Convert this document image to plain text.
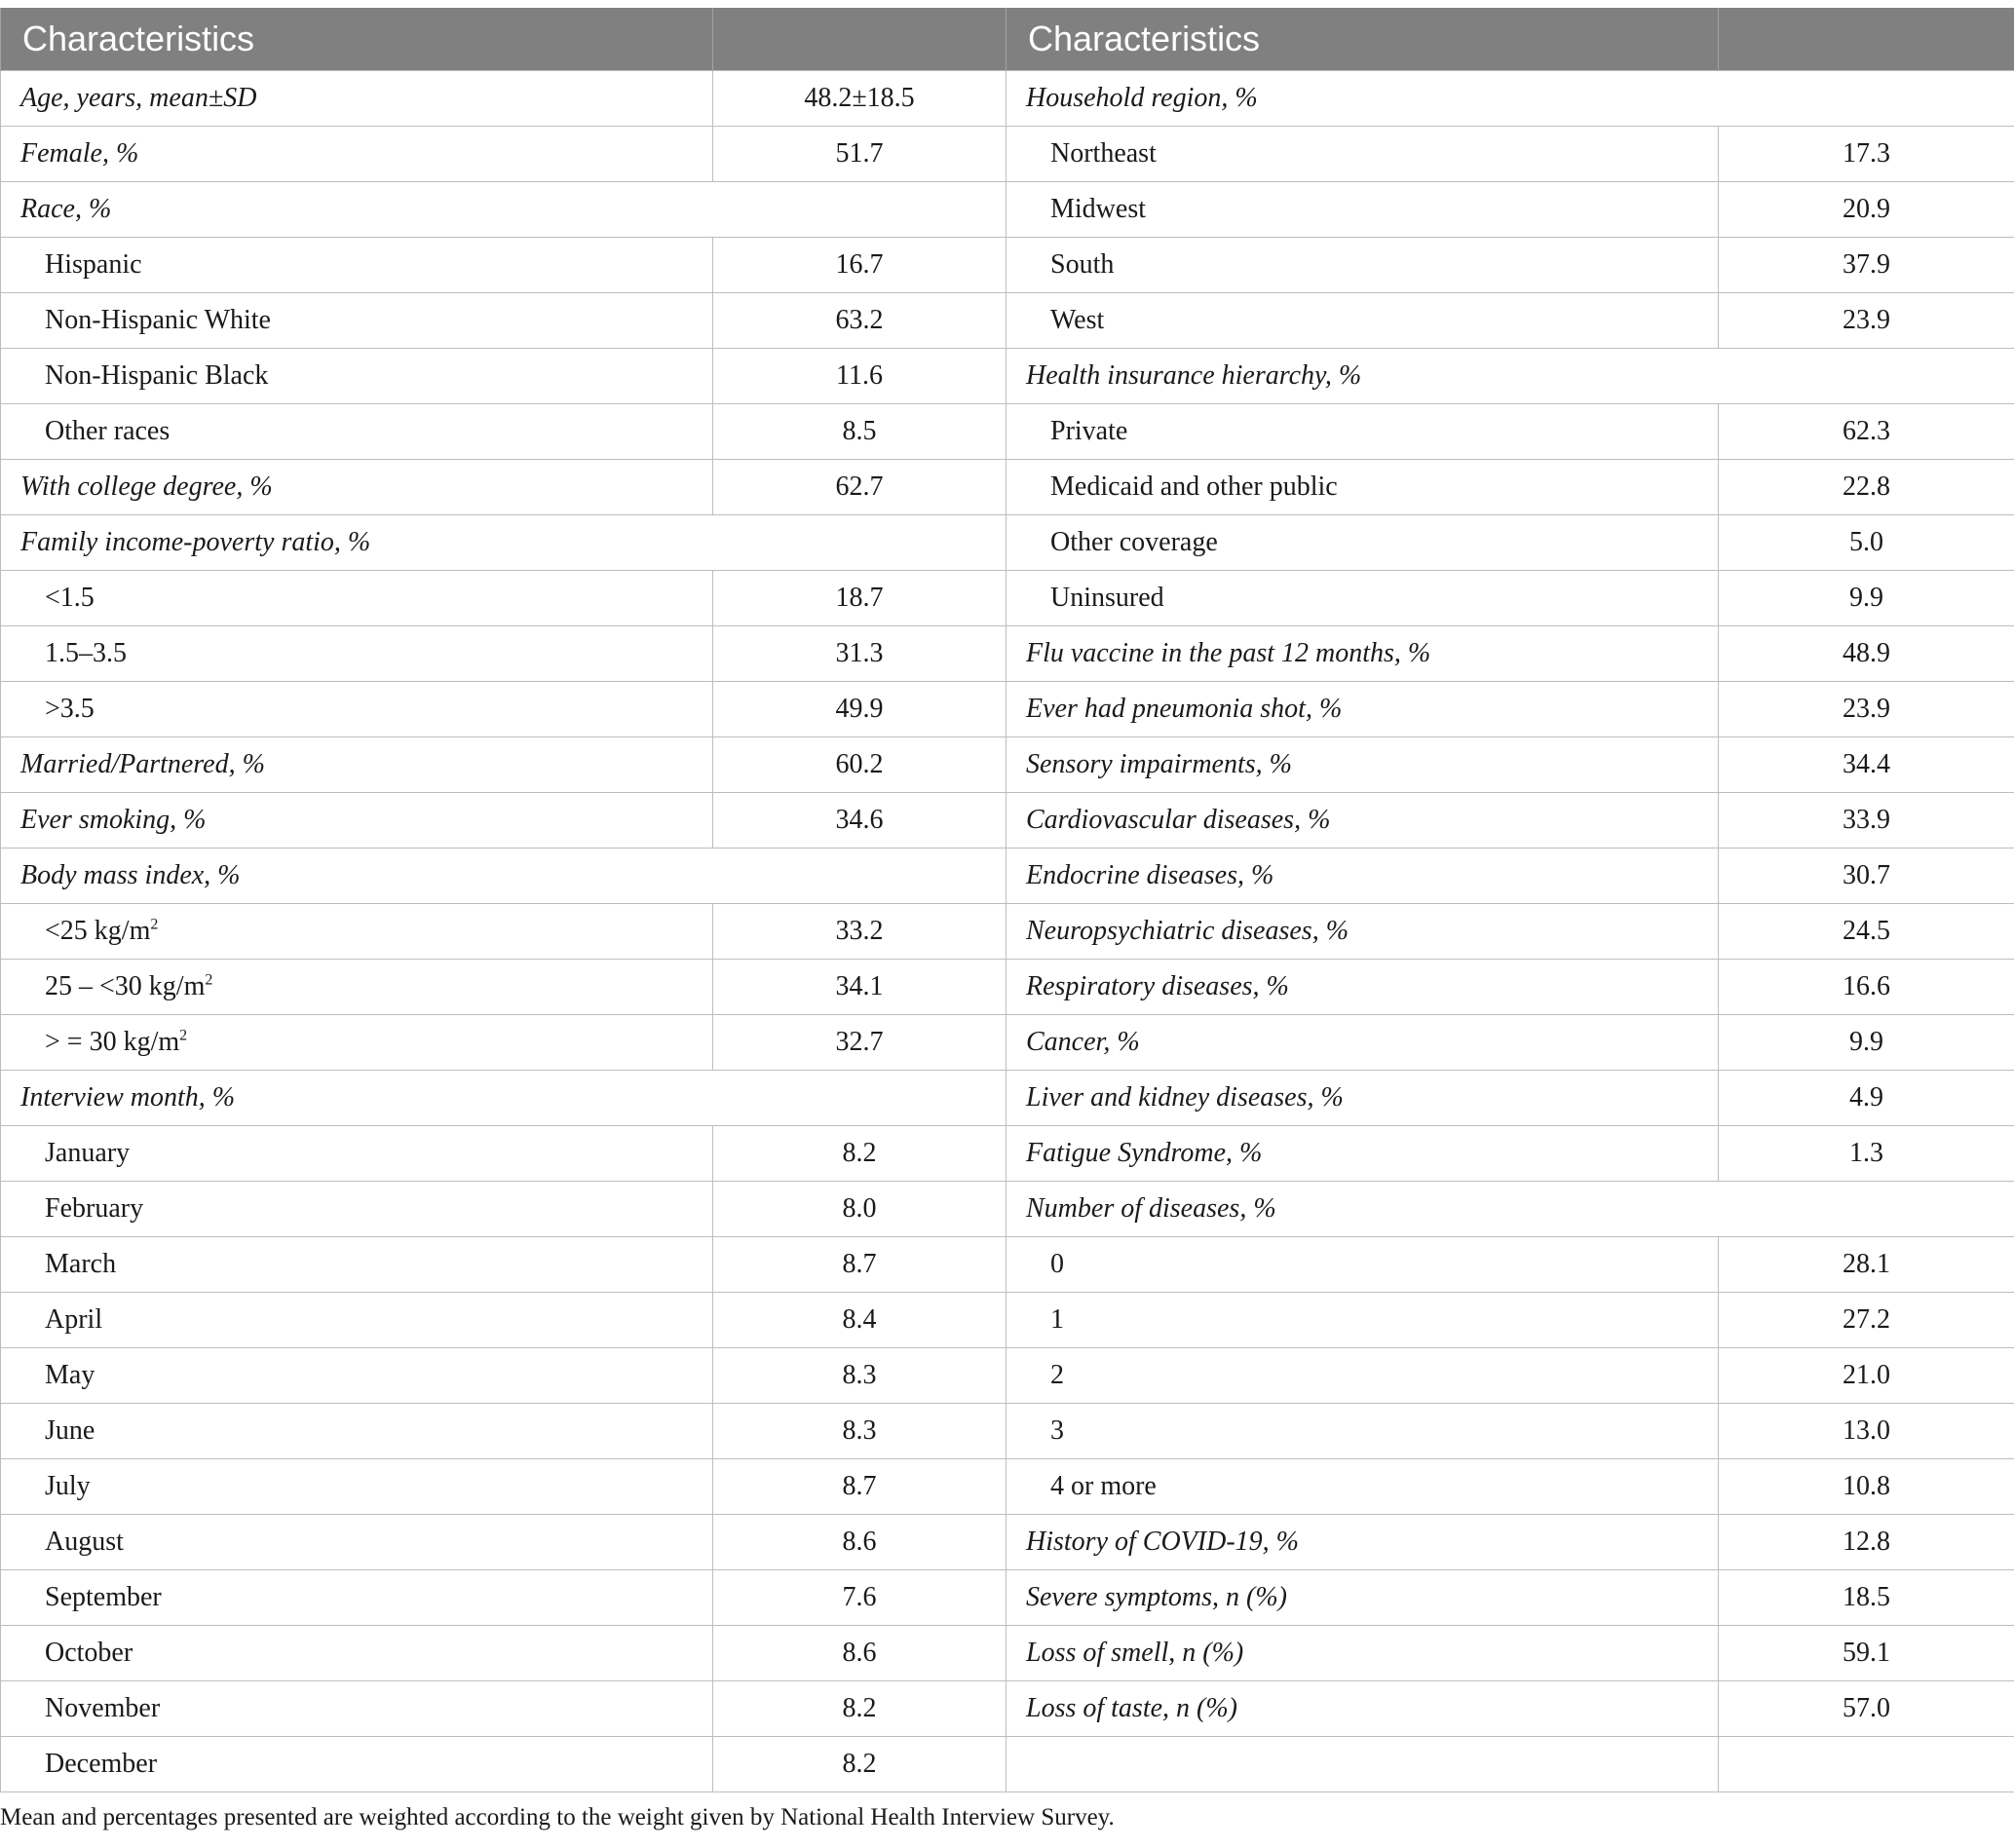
Characteristics		Characteristics	
Age, years, mean±SD	48.2±18.5	Household region, %	
Female, %	51.7	Northeast	17.3
Race, %		Midwest	20.9
Hispanic	16.7	South	37.9
Non-Hispanic White	63.2	West	23.9
Non-Hispanic Black	11.6	Health insurance hierarchy, %	
Other races	8.5	Private	62.3
With college degree, %	62.7	Medicaid and other public	22.8
Family income-poverty ratio, %		Other coverage	5.0
<1.5	18.7	Uninsured	9.9
1.5–3.5	31.3	Flu vaccine in the past 12 months, %	48.9
>3.5	49.9	Ever had pneumonia shot, %	23.9
Married/Partnered, %	60.2	Sensory impairments, %	34.4
Ever smoking, %	34.6	Cardiovascular diseases, %	33.9
Body mass index, %		Endocrine diseases, %	30.7
<25 $kg/m^2$	33.2	Neuropsychiatric diseases, %	24.5
25 – <30 $kg/m^2$	34.1	Respiratory diseases, %	16.6
> = 30 $kg/m^2$	32.7	Cancer, %	9.9
Interview month, %		Liver and kidney diseases, %	4.9
January	8.2	Fatigue Syndrome, %	1.3
February	8.0	Number of diseases, %	
March	8.7	0	28.1
April	8.4	1	27.2
May	8.3	2	21.0
June	8.3	3	13.0
July	8.7	4 or more	10.8
August	8.6	History of COVID-19, %	12.8
September	7.6	Severe symptoms, n (%)	18.5
October	8.6	Loss of smell, n (%)	59.1
November	8.2	Loss of taste, n (%)	57.0
December	8.2		
Mean and percentages presented are weighted according to the weight given by National Health Interview Survey.
